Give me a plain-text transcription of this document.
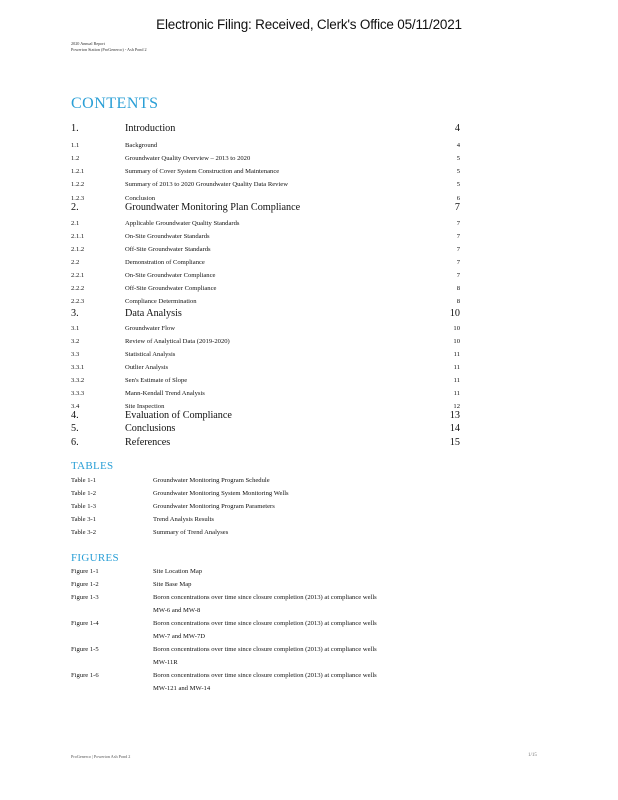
Electronic Filing: Received, Clerk's Office 05/11/2021
2020 Annual Report
Powerton Station (ProGenerco) - Ash Pond 2
CONTENTS
1.	Introduction	4
1.1	Background	4
1.2	Groundwater Quality Overview – 2013 to 2020	5
1.2.1	Summary of Cover System Construction and Maintenance	5
1.2.2	Summary of 2013 to 2020 Groundwater Quality Data Review	5
1.2.3	Conclusion	6
2.	Groundwater Monitoring Plan Compliance	7
2.1	Applicable Groundwater Quality Standards	7
2.1.1	On-Site Groundwater Standards	7
2.1.2	Off-Site Groundwater Standards	7
2.2	Demonstration of Compliance	7
2.2.1	On-Site Groundwater Compliance	7
2.2.2	Off-Site Groundwater Compliance	8
2.2.3	Compliance Determination	8
3.	Data Analysis	10
3.1	Groundwater Flow	10
3.2	Review of Analytical Data (2019-2020)	10
3.3	Statistical Analysis	11
3.3.1	Outlier Analysis	11
3.3.2	Sen's Estimate of Slope	11
3.3.3	Mann-Kendall Trend Analysis	11
3.4	Site Inspection	12
4.	Evaluation of Compliance	13
5.	Conclusions	14
6.	References	15
TABLES
Table 1-1	Groundwater Monitoring Program Schedule
Table 1-2	Groundwater Monitoring System Monitoring Wells
Table 1-3	Groundwater Monitoring Program Parameters
Table 3-1	Trend Analysis Results
Table 3-2	Summary of Trend Analyses
FIGURES
Figure 1-1	Site Location Map
Figure 1-2	Site Base Map
Figure 1-3	Boron concentrations over time since closure completion (2013) at compliance wells
MW-6 and MW-8
Figure 1-4	Boron concentrations over time since closure completion (2013) at compliance wells
MW-7 and MW-7D
Figure 1-5	Boron concentrations over time since closure completion (2013) at compliance wells
MW-11R
Figure 1-6	Boron concentrations over time since closure completion (2013) at compliance wells
MW-121 and MW-14
ProGenerco | Powerton Ash Pond 2	1/15
